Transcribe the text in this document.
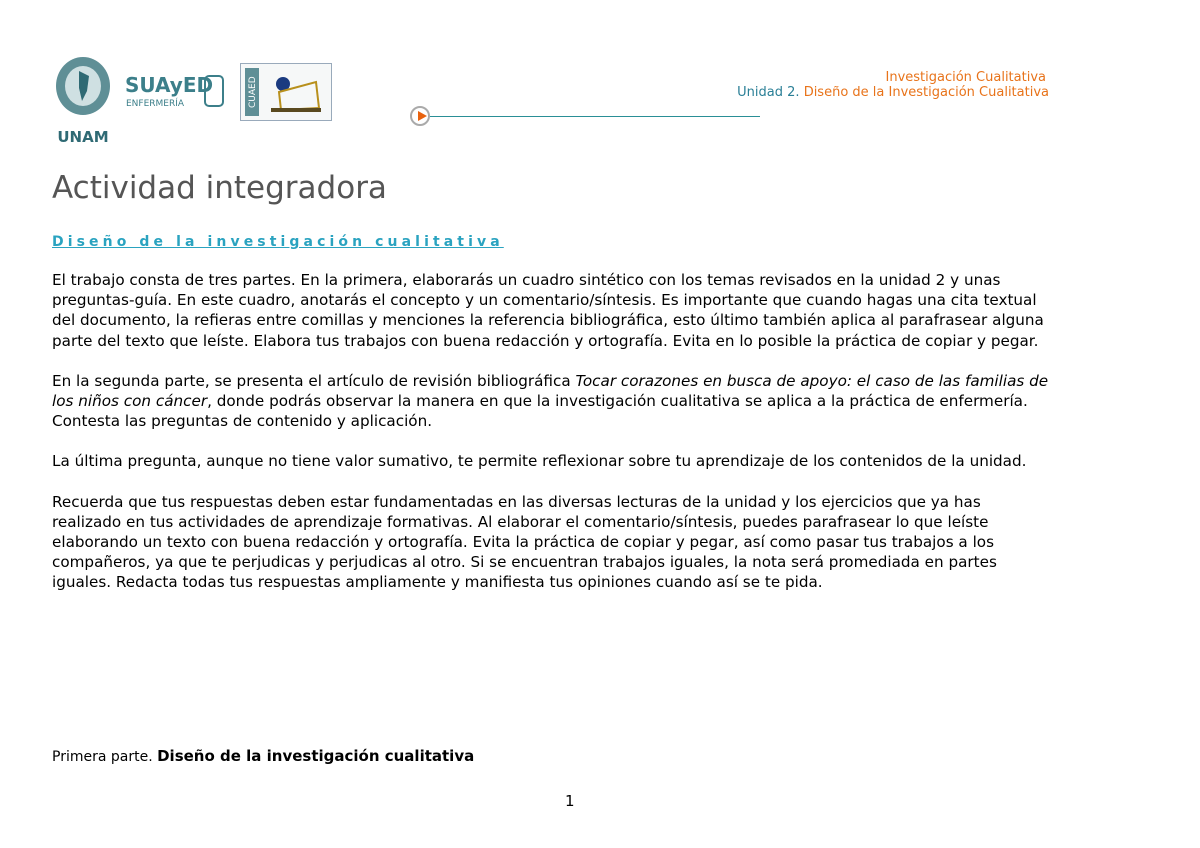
UNAM
SUAyED
ENFERMERÍA	CUAED	Investigación Cualitativa
Unidad 2. Diseño de la Investigación Cualitativa
Actividad integradora
Diseño de la investigación cualitativa

El trabajo consta de tres partes. En la primera, elaborarás un cuadro sintético con los temas revisados en la unidad 2 y unas preguntas-guía. En este cuadro, anotarás el concepto y un comentario/síntesis. Es importante que cuando hagas una cita textual del documento, la refieras entre comillas y menciones la referencia bibliográfica, esto último también aplica al parafrasear alguna parte del texto que leíste. Elabora tus trabajos con buena redacción y ortografía. Evita en lo posible la práctica de copiar y pegar.

En la segunda parte, se presenta el artículo de revisión bibliográfica Tocar corazones en busca de apoyo: el caso de las familias de los niños con cáncer, donde podrás observar la manera en que la investigación cualitativa se aplica a la práctica de enfermería. Contesta las preguntas de contenido y aplicación.

La última pregunta, aunque no tiene valor sumativo, te permite reflexionar sobre tu aprendizaje de los contenidos de la unidad.

Recuerda que tus respuestas deben estar fundamentadas en las diversas lecturas de la unidad y los ejercicios que ya has realizado en tus actividades de aprendizaje formativas. Al elaborar el comentario/síntesis, puedes parafrasear lo que leíste elaborando un texto con buena redacción y ortografía. Evita la práctica de copiar y pegar, así como pasar tus trabajos a los compañeros, ya que te perjudicas y perjudicas al otro. Si se encuentran trabajos iguales, la nota será promediada en partes iguales. Redacta todas tus respuestas ampliamente y manifiesta tus opiniones cuando así se te pida.

Primera parte. Diseño de la investigación cualitativa
1
